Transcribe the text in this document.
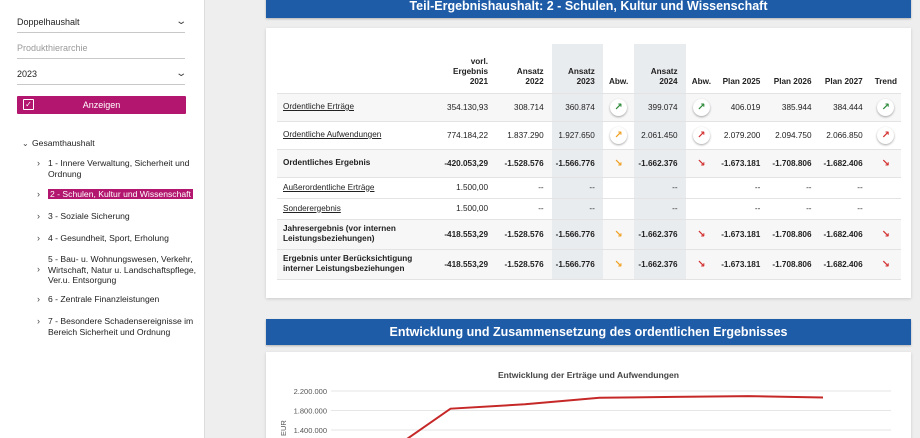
Doppelhaushalt	⌄
Produkthierarchie
2023	⌄
✓	Anzeigen
⌄ Gesamthaushalt
› 1 - Innere Verwaltung, Sicherheit und Ordnung
›	2 - Schulen, Kultur und Wissenschaft
› 3 - Soziale Sicherung
› 4 - Gesundheit, Sport, Erholung
›
5 - Bau- u. Wohnungswesen, Verkehr, Wirtschaft, Natur u. Landschaftspflege, Ver.u. Entsorgung
› 6 - Zentrale Finanzleistungen
› 7 - Besondere Schadensereignisse im Bereich Sicherheit und Ordnung
Teil-Ergebnishaushalt: 2 - Schulen, Kultur und Wissenschaft
	vorl. Ergebnis 2021	Ansatz 2022	Ansatz 2023	Abw.	Ansatz 2024	Abw.	Plan 2025	Plan 2026	Plan 2027	Trend
Ordentliche Erträge	354.130,93	308.714	360.874	↗	399.074	↗	406.019	385.944	384.444	↗
Ordentliche Aufwendungen	774.184,22	1.837.290	1.927.650	↗	2.061.450	↗	2.079.200	2.094.750	2.066.850	↗
Ordentliches Ergebnis	-420.053,29	-1.528.576	-1.566.776	↘	-1.662.376	↘	-1.673.181	-1.708.806	-1.682.406	↘
Außerordentliche Erträge	1.500,00	--	--		--		--	--	--	
Sonderergebnis	1.500,00	--	--		--		--	--	--	
Jahresergebnis (vor internen Leistungsbeziehungen)	-418.553,29	-1.528.576	-1.566.776	↘	-1.662.376	↘	-1.673.181	-1.708.806	-1.682.406	↘
Ergebnis unter Berücksichtigung interner Leistungsbeziehungen	-418.553,29	-1.528.576	-1.566.776	↘	-1.662.376	↘	-1.673.181	-1.708.806	-1.682.406	↘
Entwicklung und Zusammensetzung des ordentlichen Ergebnisses
Entwicklung der Erträge und Aufwendungen
2.200.000
1.800.000
1.400.000
EUR
